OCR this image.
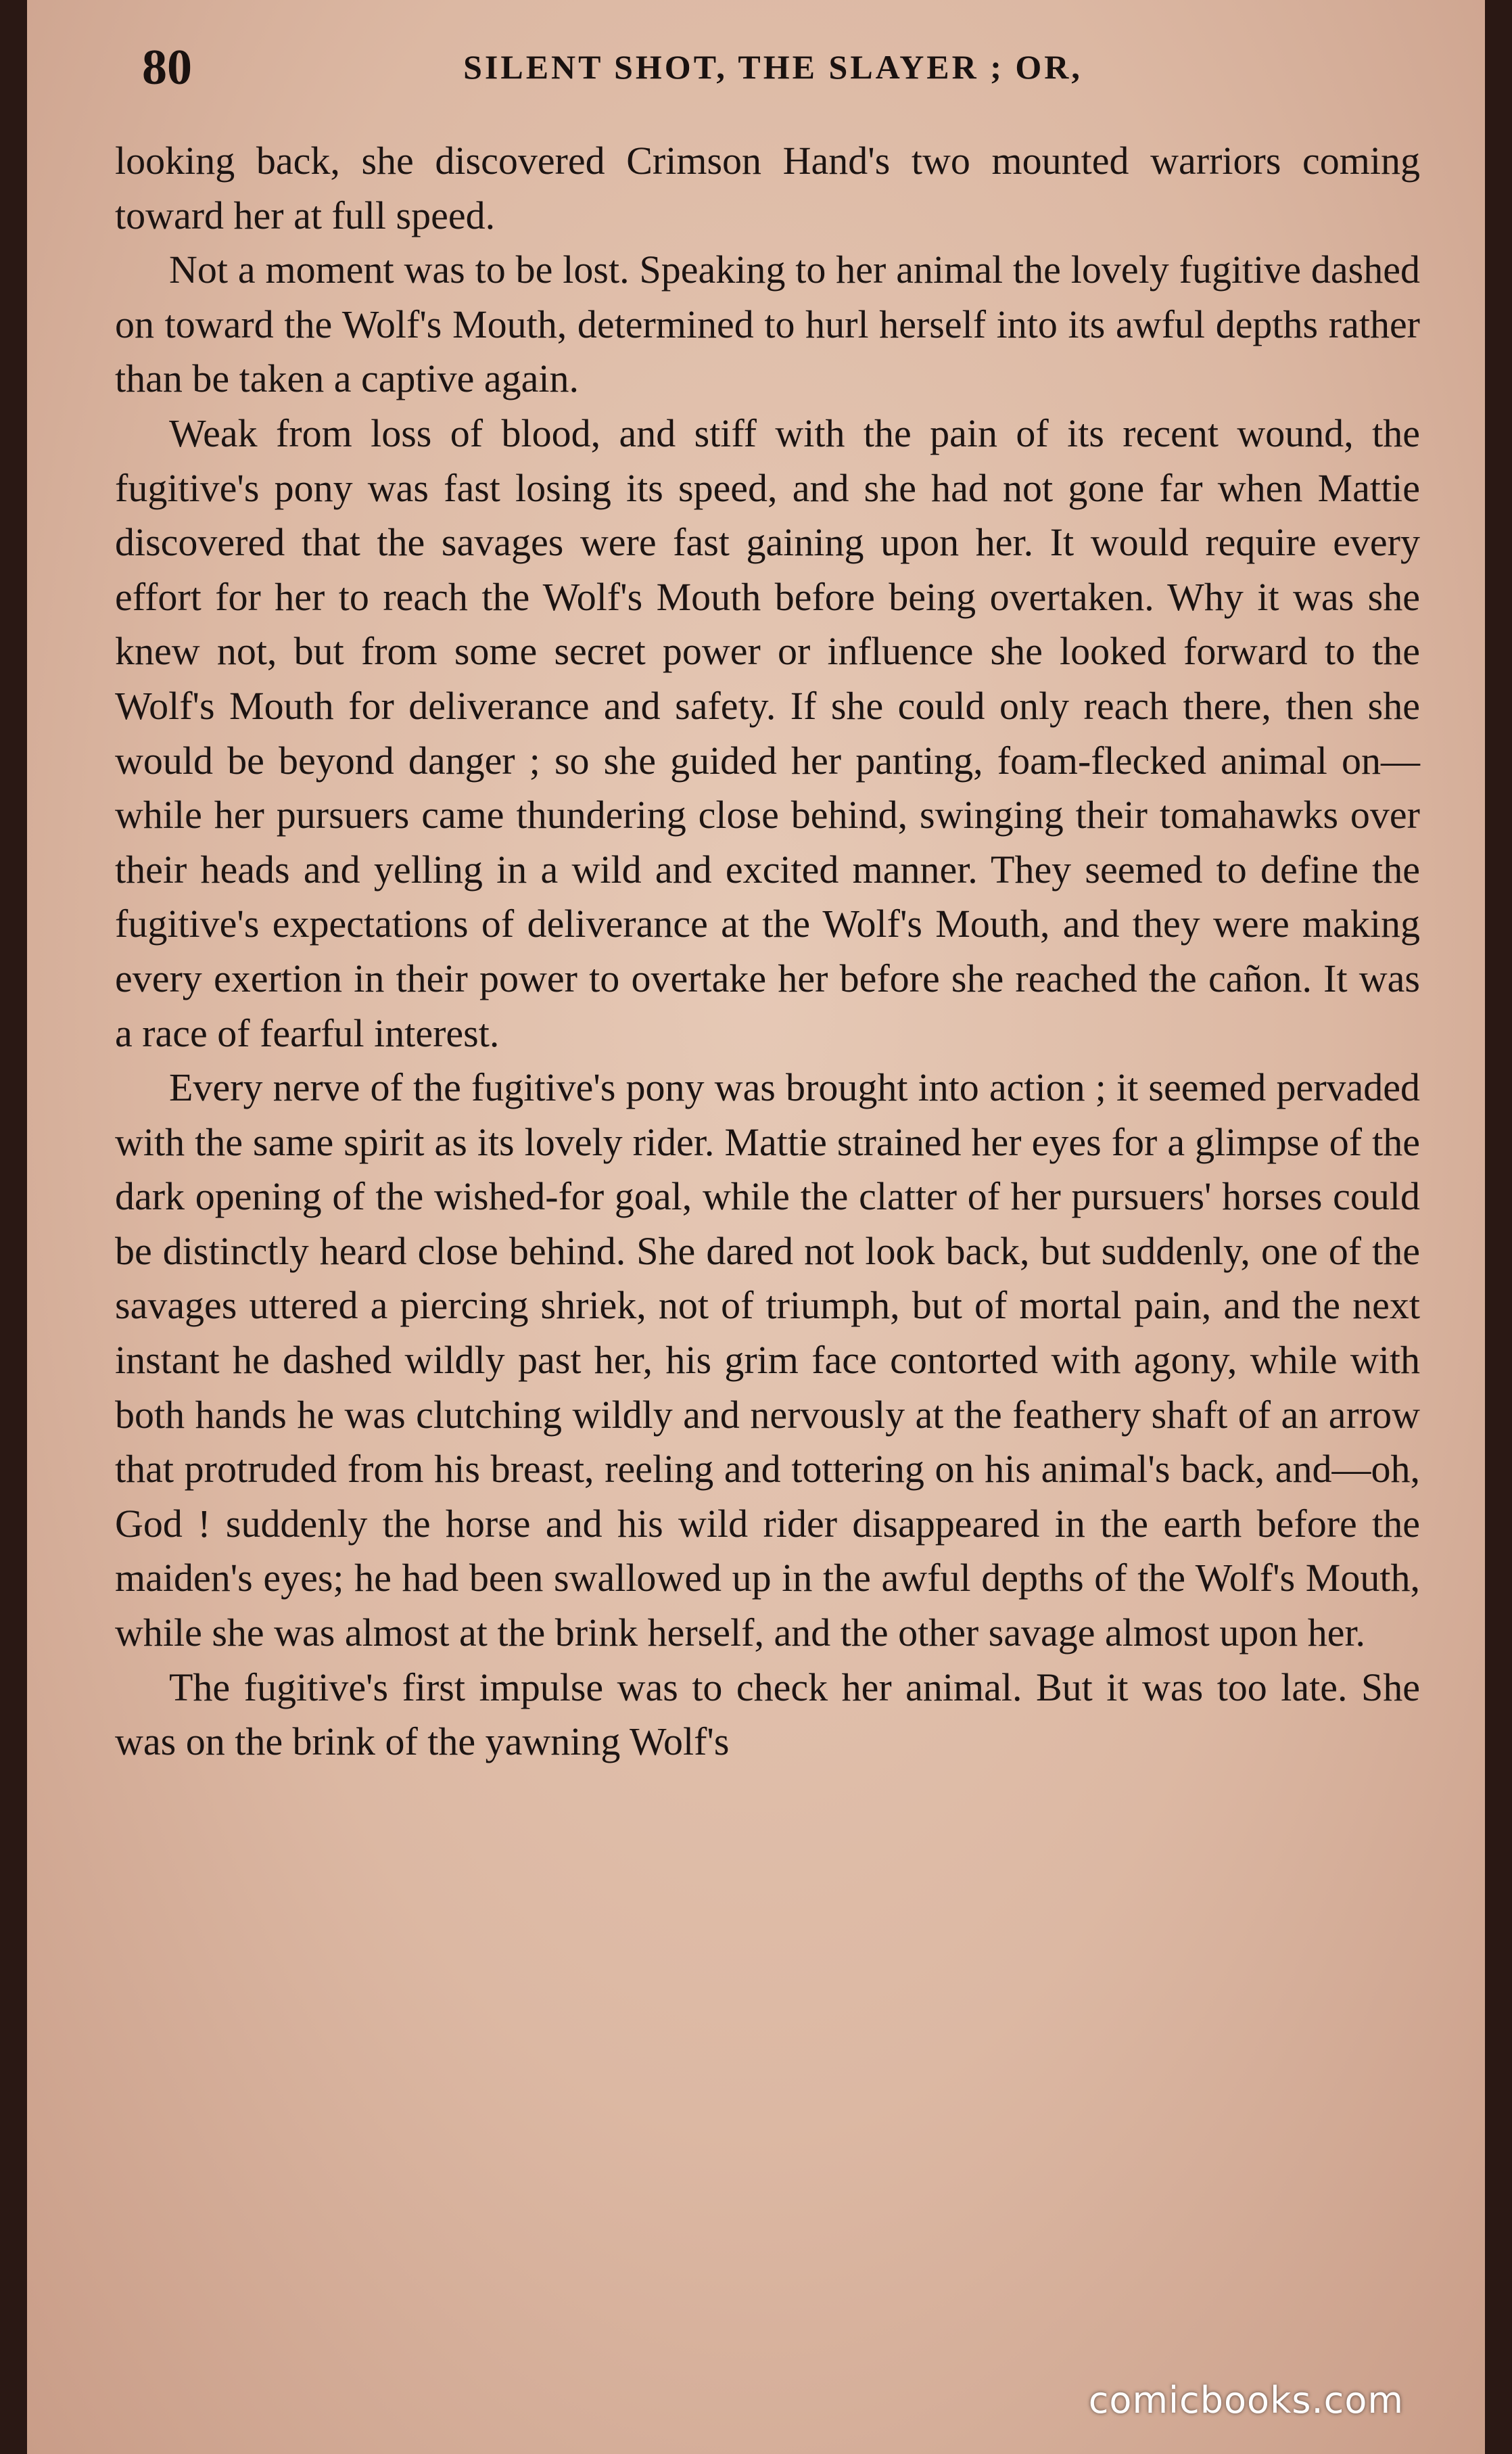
80	SILENT SHOT, THE SLAYER ; OR,

looking back, she discovered Crimson Hand's two mounted warriors coming toward her at full speed.

Not a moment was to be lost. Speaking to her animal the lovely fugitive dashed on toward the Wolf's Mouth, determined to hurl herself into its awful depths rather than be taken a captive again.

Weak from loss of blood, and stiff with the pain of its recent wound, the fugitive's pony was fast losing its speed, and she had not gone far when Mattie discovered that the savages were fast gaining upon her. It would require every effort for her to reach the Wolf's Mouth before being overtaken. Why it was she knew not, but from some secret power or influence she looked forward to the Wolf's Mouth for deliverance and safety. If she could only reach there, then she would be beyond danger ; so she guided her panting, foam-flecked animal on—while her pursuers came thundering close behind, swinging their tomahawks over their heads and yelling in a wild and excited manner. They seemed to define the fugitive's expectations of deliverance at the Wolf's Mouth, and they were making every exertion in their power to overtake her before she reached the cañon. It was a race of fearful interest.

Every nerve of the fugitive's pony was brought into action ; it seemed pervaded with the same spirit as its lovely rider. Mattie strained her eyes for a glimpse of the dark opening of the wished-for goal, while the clatter of her pursuers' horses could be distinctly heard close behind. She dared not look back, but suddenly, one of the savages uttered a piercing shriek, not of triumph, but of mortal pain, and the next instant he dashed wildly past her, his grim face contorted with agony, while with both hands he was clutching wildly and nervously at the feathery shaft of an arrow that protruded from his breast, reeling and tottering on his animal's back, and—oh, God ! suddenly the horse and his wild rider disappeared in the earth before the maiden's eyes; he had been swallowed up in the awful depths of the Wolf's Mouth, while she was almost at the brink herself, and the other savage almost upon her.

The fugitive's first impulse was to check her animal. But it was too late. She was on the brink of the yawning Wolf's

comicbooks.com
